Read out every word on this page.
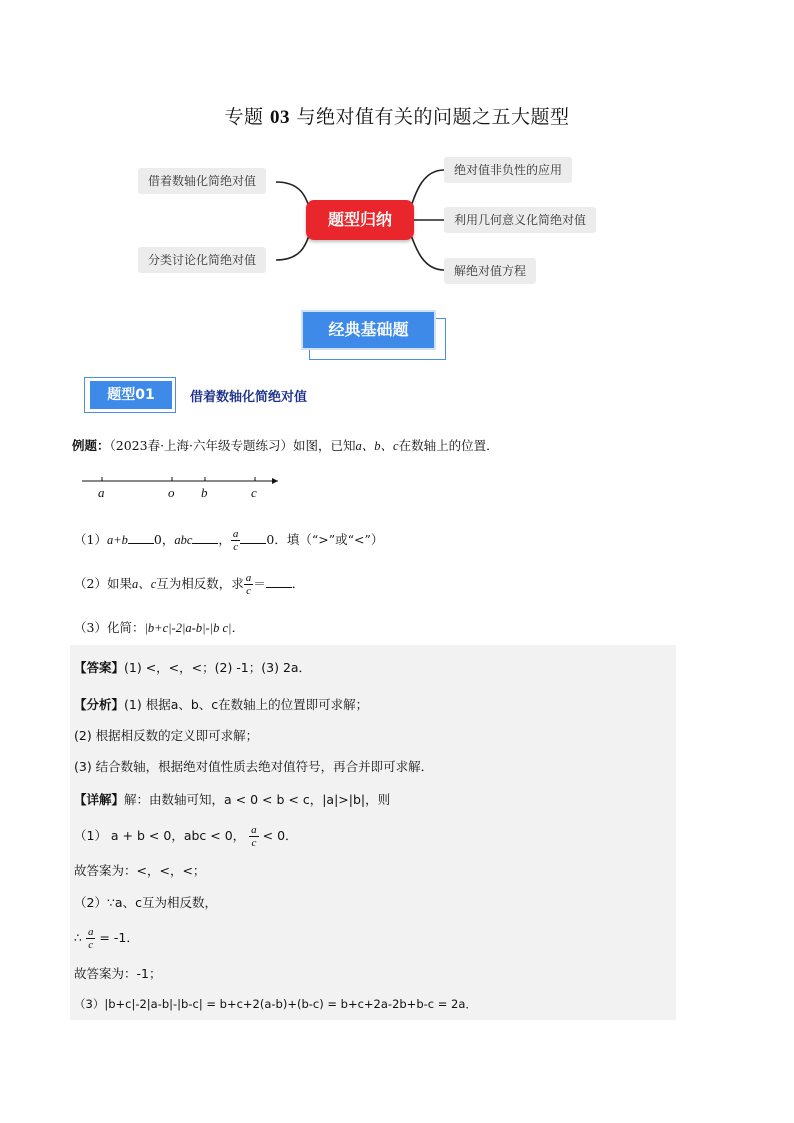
专题 03 与绝对值有关的问题之五大题型
借着数轴化简绝对值
分类讨论化简绝对值
题型归纳
绝对值非负性的应用
利用几何意义化简绝对值
解绝对值方程
经典基础题
题型01	借着数轴化简绝对值
例题：（2023春·上海·六年级专题练习）如图，已知a、b、c在数轴上的位置．
a	o b	c
（1）a+b 0，abc ， $\frac{a}{c} 0$．填（“>”或“<”）
（2）如果a、c互为相反数，求 $\frac{a}{c}$ ＝ ．
（3）化简：|b+c|-2|a-b|-|b c|．
【答案】(1) <，<，<；(2) -1；(3) 2a．
【分析】(1) 根据a、b、c在数轴上的位置即可求解；
(2) 根据相反数的定义即可求解；
(3) 结合数轴，根据绝对值性质去绝对值符号，再合并即可求解．
【详解】解：由数轴可知，a < 0 < b < c，|a|>|b|，则
（1） a + b < 0，abc < 0， $\frac{a}{c} < 0$．
故答案为：<，<，<；
（2）∵a、c互为相反数，
∴ $\frac{a}{c} = -1$．
故答案为：-1；
（3）|b+c|-2|a-b|-|b-c| = b+c+2(a-b)+(b-c) = b+c+2a-2b+b-c = 2a．
